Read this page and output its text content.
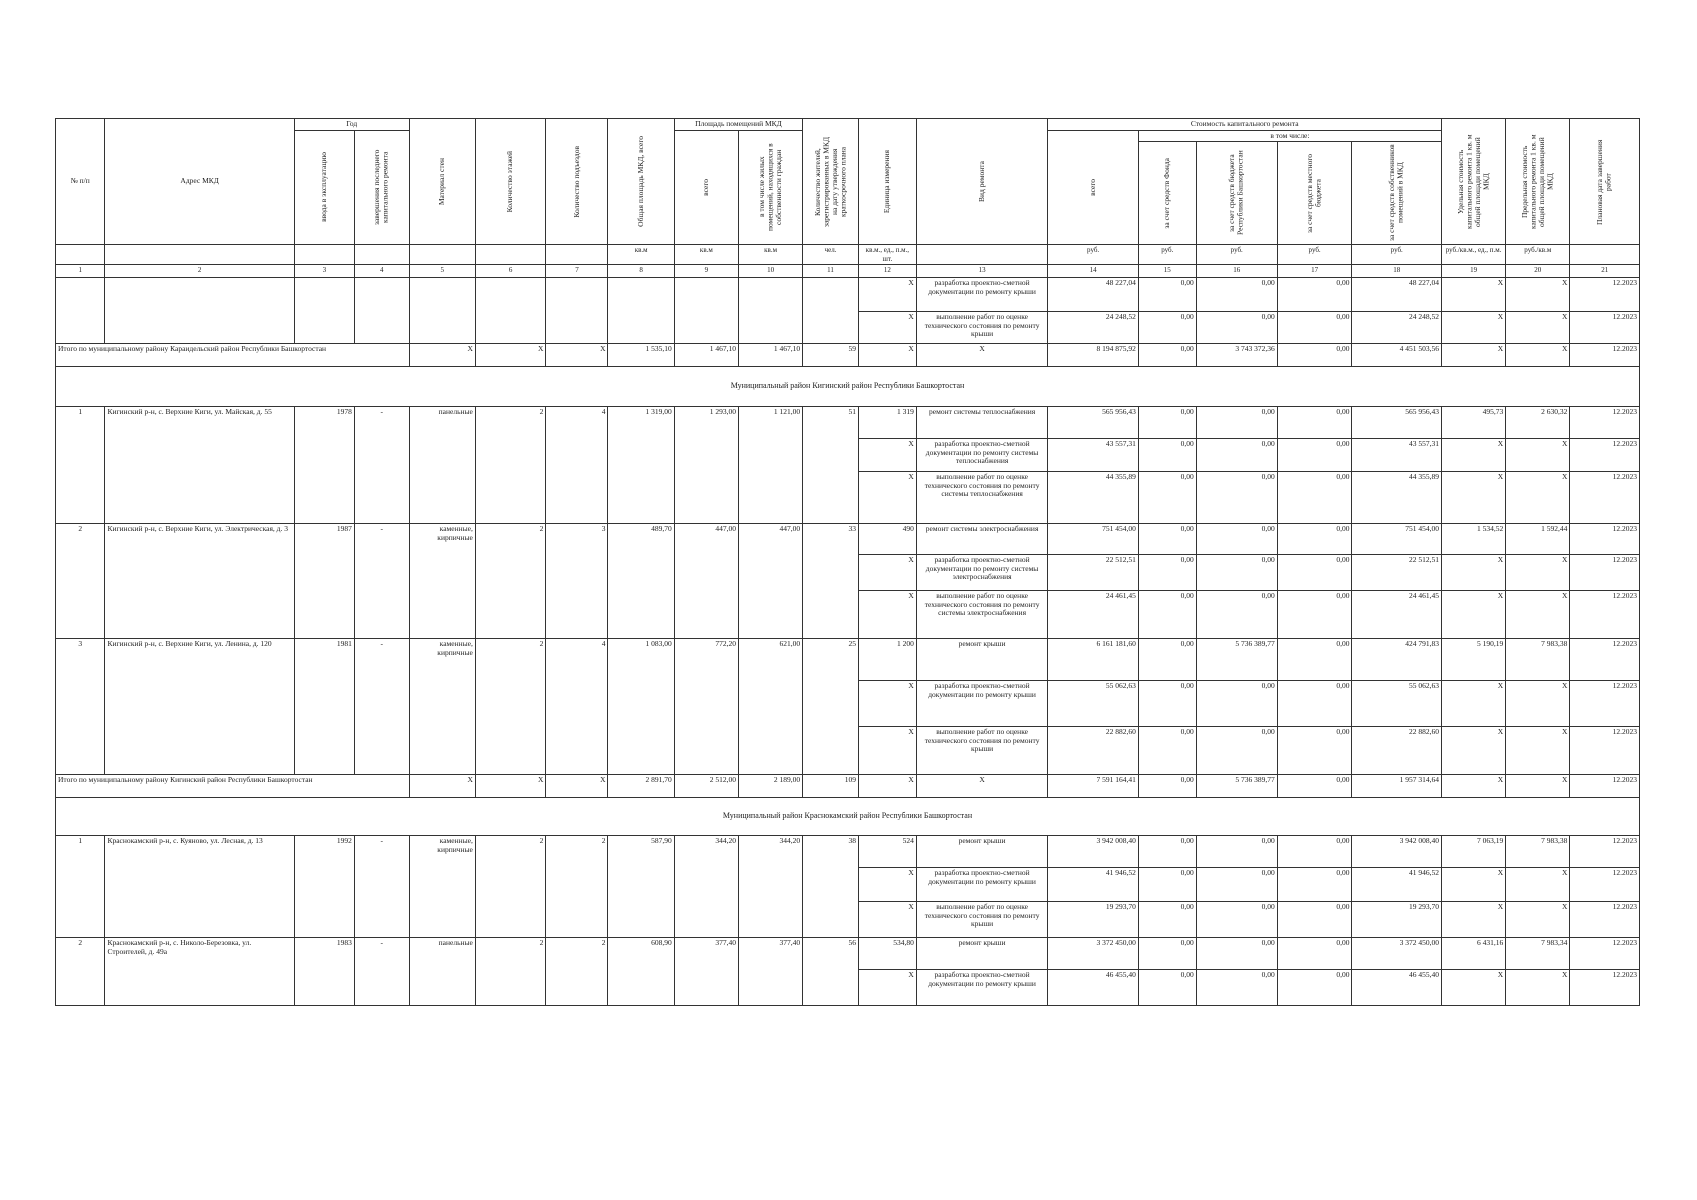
№ п/п	Адрес МКД	Год		Материал стен	Количество этажей	Количество подъездов	Общая площадь МКД, всего	Площадь помещений МКД		Количество жителей, зарегистрированных в МКД на дату утверждения краткосрочного плана	Единица измерения	Вид ремонта	Стоимость капитального ремонта					Удельная стоимость капитального ремонта 1 кв. м общей площади помещений МКД	Предельная стоимость капитального ремонта 1 кв. м общей площади помещений МКД	Плановая дата завершения работ

		ввода в эксплуатацию	завершения последнего капитального ремонта					всего	в том числе жилых помещений, находящихся в собственности граждан				всего	в том числе:						

														за счет средств Фонда	за счет средств бюджета Республики Башкортостан	за счет средств местного бюджета	за счет средств собственников помещений в МКД			

							кв.м	кв.м	кв.м	чел.	кв.м., ед., п.м., шт.		руб.	руб.	руб.	руб.	руб.	руб./кв.м., ед., п.м.	руб./кв.м	
1	2	3	4	5	6	7	8	9	10	11	12	13	14	15	16	17	18	19	20	21
											X	разработка проектно-сметной документации по ремонту крыши	48 227,04	0,00	0,00	0,00	48 227,04	X	X	12.2023
											X	выполнение работ по оценке технического состояния по ремонту крыши	24 248,52	0,00	0,00	0,00	24 248,52	X	X	12.2023
Итого по муниципальному району Караидельский район Республики Башкортостан				X	X	X	1 535,10	1 467,10	1 467,10	59	X	X	8 194 875,92	0,00	3 743 372,36	0,00	4 451 503,56	X	X	12.2023
Муниципальный район Кигинский район Республики Башкортостан																				
1	Кигинский р-н, с. Верхние Киги, ул. Майская, д. 55	1978	-	панельные	2	4	1 319,00	1 293,00	1 121,00	51	1 319	ремонт системы теплоснабжения	565 956,43	0,00	0,00	0,00	565 956,43	495,73	2 630,32	12.2023
											X	разработка проектно-сметной документации по ремонту системы теплоснабжения	43 557,31	0,00	0,00	0,00	43 557,31	X	X	12.2023
											X	выполнение работ по оценке технического состояния по ремонту системы теплоснабжения	44 355,89	0,00	0,00	0,00	44 355,89	X	X	12.2023
2	Кигинский р-н, с. Верхние Киги, ул. Электрическая, д. 3	1987	-	каменные, кирпичные	2	3	489,70	447,00	447,00	33	490	ремонт системы электроснабжения	751 454,00	0,00	0,00	0,00	751 454,00	1 534,52	1 592,44	12.2023
											X	разработка проектно-сметной документации по ремонту системы электроснабжения	22 512,51	0,00	0,00	0,00	22 512,51	X	X	12.2023
											X	выполнение работ по оценке технического состояния по ремонту системы электроснабжения	24 461,45	0,00	0,00	0,00	24 461,45	X	X	12.2023
3	Кигинский р-н, с. Верхние Киги, ул. Ленина, д. 120	1981	-	каменные, кирпичные	2	4	1 083,00	772,20	621,00	25	1 200	ремонт крыши	6 161 181,60	0,00	5 736 389,77	0,00	424 791,83	5 190,19	7 983,38	12.2023
											X	разработка проектно-сметной документации по ремонту крыши	55 062,63	0,00	0,00	0,00	55 062,63	X	X	12.2023
											X	выполнение работ по оценке технического состояния по ремонту крыши	22 882,60	0,00	0,00	0,00	22 882,60	X	X	12.2023
Итого по муниципальному району Кигинский район Республики Башкортостан				X	X	X	2 891,70	2 512,00	2 189,00	109	X	X	7 591 164,41	0,00	5 736 389,77	0,00	1 957 314,64	X	X	12.2023
Муниципальный район Краснокамский район Республики Башкортостан																				
1	Краснокамский р-н, с. Куяново, ул. Лесная, д. 13	1992	-	каменные, кирпичные	2	2	587,90	344,20	344,20	38	524	ремонт крыши	3 942 008,40	0,00	0,00	0,00	3 942 008,40	7 063,19	7 983,38	12.2023
											X	разработка проектно-сметной документации по ремонту крыши	41 946,52	0,00	0,00	0,00	41 946,52	X	X	12.2023
											X	выполнение работ по оценке технического состояния по ремонту крыши	19 293,70	0,00	0,00	0,00	19 293,70	X	X	12.2023
2	Краснокамский р-н, с. Николо-Березовка, ул. Строителей, д. 49а	1983	-	панельные	2	2	608,90	377,40	377,40	56	534,80	ремонт крыши	3 372 450,00	0,00	0,00	0,00	3 372 450,00	6 431,16	7 983,34	12.2023
											X	разработка проектно-сметной документации по ремонту крыши	46 455,40	0,00	0,00	0,00	46 455,40	X	X	12.2023
